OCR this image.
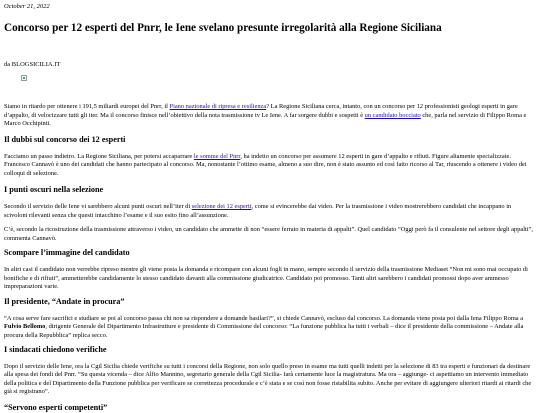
October 21, 2022
Concorso per 12 esperti del Pnrr, le Iene svelano presunte irregolarità alla Regione Siciliana
da BLOGSICILIA.IT

Siamo in ritardo per ottenere i 191,5 miliardi europei del Pnrr, il Piano nazionale di ripresa e resilienza? La Regione Siciliana cerca, intanto, con un concorso per 12 professionisti geologi esperti in gare d’appalto, di velocizzare tutti gli iter. Ma il concorso finisce nell’obiettivo della nota trasmissione tv Le Iene. A far sorgere dubbi e sospetti è un candidato bocciato che, parla nel servizio di Filippo Roma e Marco Occhipinti.

Il dubbi sul concorso dei 12 esperti

Facciamo un passo indietro. La Regione Siciliana, per potersi accaparrare le somme del Pnrr, ha indetto un concorso per assumere 12 esperti in gare d’appalto e rifiuti. Figure altamente specializzate. Francesco Cannavò è uno dei candidati che hanno partecipato al concorso. Ma, nonostante l’ottimo esame, almeno a suo dire, non è stato assunto ed così fatto ricorso al Tar, riuscendo a ottenere i video dei colloqui di selezione.

I punti oscuri nella selezione

Secondo il servizio delle Iene vi sarebbero alcuni punti oscuri nell’iter di selezione dei 12 esperti, come si evincerebbe dai video. Per la trasmissione i video mostrerebbero candidati che incappano in scivoloni rilevanti senza che questi intacchino l’esame e il suo esito fino all’assunzione.

C’è, secondo la ricostruzione della trasmissione attraverso i video, un candidato che ammette di non “essere ferrato in materia di appalti”. Quel candidato “Oggi però fa il consulente nel settore degli appalti”, commenta Cannavò.

Scompare l’immagine del candidato

In altri casi il candidato non verrebbe ripreso mentre gli viene posta la domanda e ricompare con alcuni fogli in mano, sempre secondo il servizio della trasmissione Mediaset “Non mi sono mai occupato di bonifiche e di rifiuti”, ammetterebbe candidamente lo stesso candidato davanti alla commissione giudicatrice. Candidato poi promosso. Tanti altri sarebbero i candidati promossi dopo aver ammesso impreparazioni varie.

Il presidente, “Andate in procura”

“A cosa serve fare sacrifici e studiare se poi al concorso passa chi non sa rispondere a domande basilari?”, si chiede Cannavò, escluso dal concorso. La domanda viene posta poi dalla Iena Filippo Roma a Fulvio Bellomo, dirigente Generale del Dipartimento Infrastrutture e presidente di Commissione del concorso: “La funzione pubblica ha tutti i verbali – dice il presidente della commissione – Andate alla procura della Repubblica” replica secco.

I sindacati chiedono verifiche

Dopo il servizio delle Iene, ora la Cgil Sicilia chiede verifiche su tutti i concorsi della Regione, non solo quello preso in esame ma tutti quelli indetti per la selezione di 83 tra esperti e funzionari da destinare alla spesa dei fondi del Pnrr. “Su questa vicenda – dice Alfio Mannino, segretario generale della Cgil Sicilia- farà certamente luce la magistratura. Ma ora – aggiunge- ci aspettiamo un intervento immediato della politica e del Dipartimento della Funzione pubblica per verificare se correttezza procedurale e c’è stata e se così non fosse ristabilita subito. Anche per evitare di aggiungere ulteriori ritardi ai ritardi che già si registrano”.

“Servono esperti competenti”
